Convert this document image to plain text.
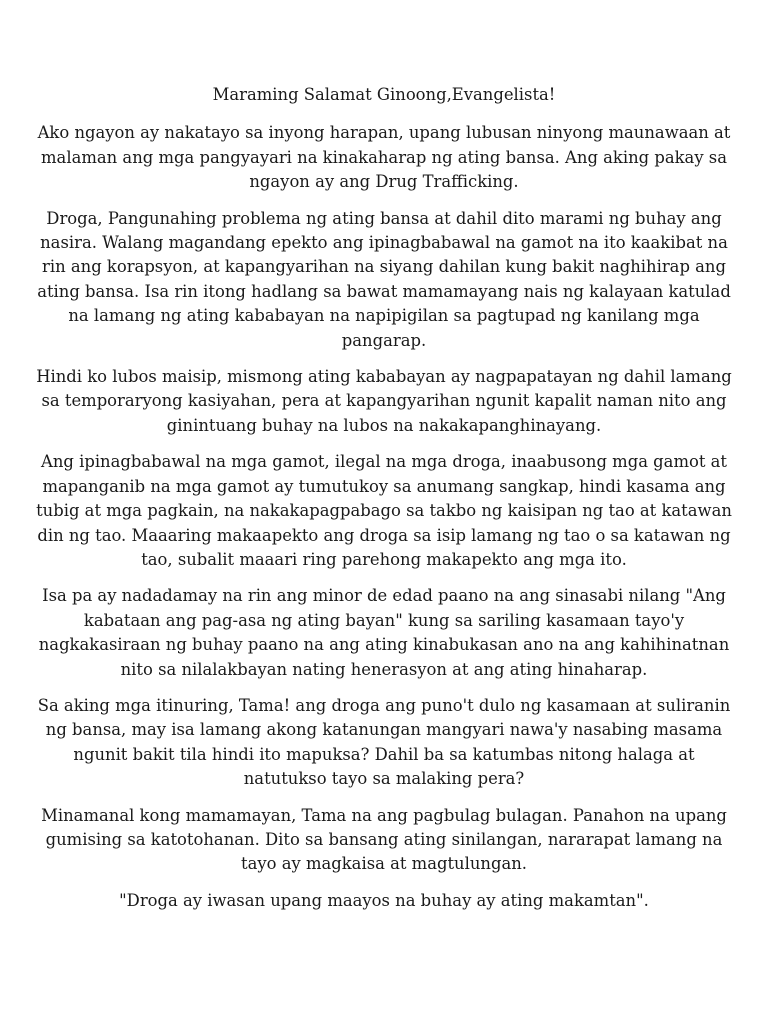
Maraming Salamat Ginoong,Evangelista!

Ako ngayon ay nakatayo sa inyong harapan, upang lubusan ninyong maunawaan at malaman ang mga pangyayari na kinakaharap ng ating bansa. Ang aking pakay sa ngayon ay ang Drug Trafficking.

Droga, Pangunahing problema ng ating bansa at dahil dito marami ng buhay ang nasira. Walang magandang epekto ang ipinagbabawal na gamot na ito kaakibat na rin ang korapsyon, at kapangyarihan na siyang dahilan kung bakit naghihirap ang ating bansa. Isa rin itong hadlang sa bawat mamamayang nais ng kalayaan katulad na lamang ng ating kababayan na napipigilan sa pagtupad ng kanilang mga pangarap.

Hindi ko lubos maisip, mismong ating kababayan ay nagpapatayan ng dahil lamang sa temporaryong kasiyahan, pera at kapangyarihan ngunit kapalit naman nito ang ginintuang buhay na lubos na nakakapanghinayang.

Ang ipinagbabawal na mga gamot, ilegal na mga droga, inaabusong mga gamot at mapanganib na mga gamot ay tumutukoy sa anumang sangkap, hindi kasama ang tubig at mga pagkain, na nakakapagpabago sa takbo ng kaisipan ng tao at katawan din ng tao. Maaaring makaapekto ang droga sa isip lamang ng tao o sa katawan ng tao, subalit maaari ring parehong makapekto ang mga ito.

Isa pa ay nadadamay na rin ang minor de edad paano na ang sinasabi nilang "Ang kabataan ang pag-asa ng ating bayan" kung sa sariling kasamaan tayo'y nagkakasiraan ng buhay paano na ang ating kinabukasan ano na ang kahihinatnan nito sa nilalakbayan nating henerasyon at ang ating hinaharap.

Sa aking mga itinuring, Tama! ang droga ang puno't dulo ng kasamaan at suliranin ng bansa, may isa lamang akong katanungan mangyari nawa'y nasabing masama ngunit bakit tila hindi ito mapuksa? Dahil ba sa katumbas nitong halaga at natutukso tayo sa malaking pera?

Minamanal kong mamamayan, Tama na ang pagbulag bulagan. Panahon na upang gumising sa katotohanan. Dito sa bansang ating sinilangan, nararapat lamang na tayo ay magkaisa at magtulungan.

"Droga ay iwasan upang maayos na buhay ay ating makamtan".
